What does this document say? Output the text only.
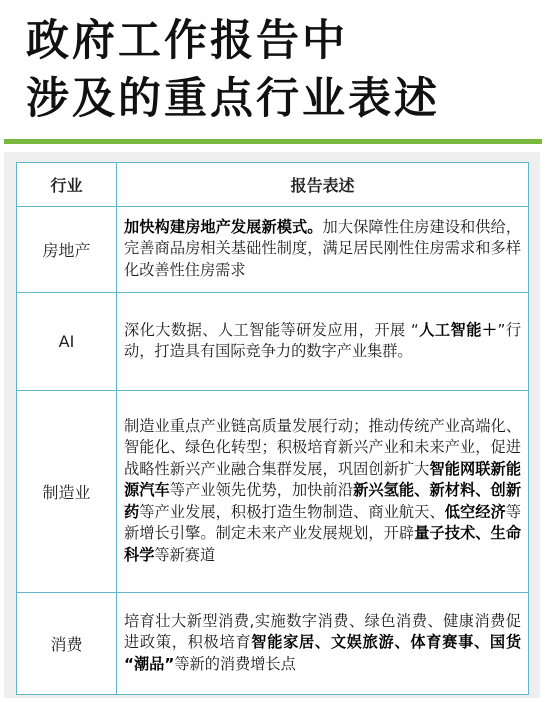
政府工作报告中
涉及的重点行业表述
行业	报告表述
房地产	加快构建房地产发展新模式。加大保障性住房建设和供给，完善商品房相关基础性制度，满足居民刚性住房需求和多样化改善性住房需求
AI	深化大数据、人工智能等研发应用，开展 “人工智能＋”行动，打造具有国际竞争力的数字产业集群。
制造业	制造业重点产业链高质量发展行动；推动传统产业高端化、智能化、绿色化转型；积极培育新兴产业和未来产业，促进战略性新兴产业融合集群发展，巩固创新扩大智能网联新能源汽车等产业领先优势，加快前沿新兴氢能、新材料、创新药等产业发展，积极打造生物制造、商业航天、低空经济等新增长引擎。制定未来产业发展规划，开辟量子技术、生命科学等新赛道
消费	培育壮大新型消费,实施数字消费、绿色消费、健康消费促进政策，积极培育智能家居、文娱旅游、体育赛事、国货 “潮品”等新的消费增长点
